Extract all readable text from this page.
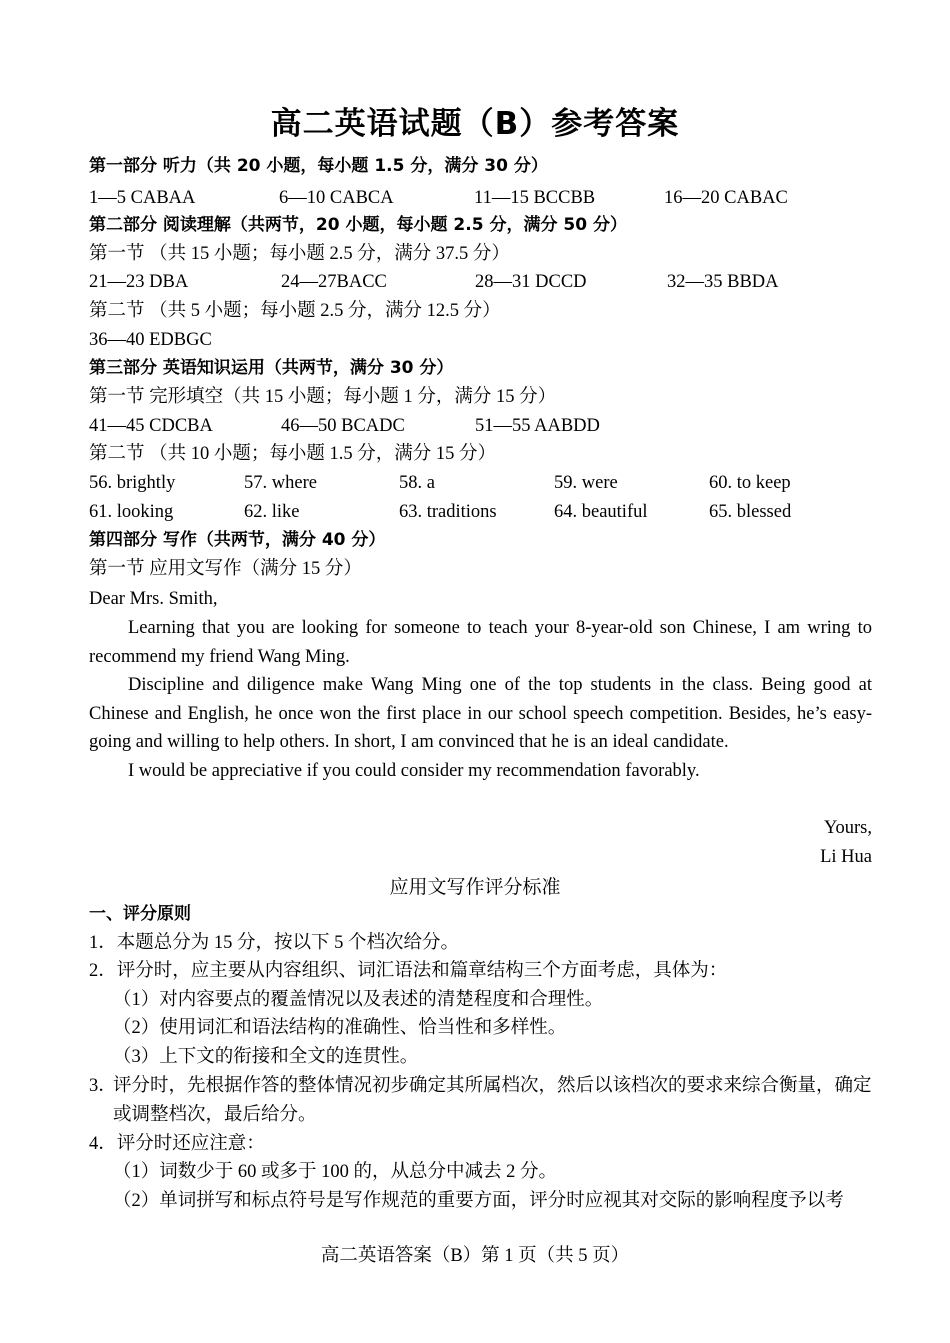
高二英语试题（B）参考答案
第一部分 听力（共 20 小题，每小题 1.5 分，满分 30 分）
1—5 CABAA	6—10 CABCA	11—15 BCCBB	16—20 CABAC
第二部分 阅读理解（共两节，20 小题，每小题 2.5 分，满分 50 分）
第一节 （共 15 小题；每小题 2.5 分，满分 37.5 分）
21—23 DBA	24—27BACC	28—31 DCCD	32—35 BBDA
第二节 （共 5 小题；每小题 2.5 分，满分 12.5 分）
36—40 EDBGC
第三部分 英语知识运用（共两节，满分 30 分）
第一节 完形填空（共 15 小题；每小题 1 分，满分 15 分）
41—45 CDCBA	46—50 BCADC	51—55 AABDD
第二节 （共 10 小题；每小题 1.5 分，满分 15 分）
56. brightly	57. where	58. a	59. were	60. to keep
61. looking	62. like	63. traditions	64. beautiful	65. blessed
第四部分 写作（共两节，满分 40 分）
第一节 应用文写作（满分 15 分）
Dear Mrs. Smith,
Learning that you are looking for someone to teach your 8-year-old son Chinese, I am wring to recommend my friend Wang Ming.
Discipline and diligence make Wang Ming one of the top students in the class. Being good at Chinese and English, he once won the first place in our school speech competition. Besides, he’s easy-going and willing to help others. In short, I am convinced that he is an ideal candidate.
I would be appreciative if you could consider my recommendation favorably.
Yours,
Li Hua
应用文写作评分标准
一、评分原则
1．本题总分为 15 分，按以下 5 个档次给分。
2．评分时，应主要从内容组织、词汇语法和篇章结构三个方面考虑，具体为：
（1）对内容要点的覆盖情况以及表述的清楚程度和合理性。
（2）使用词汇和语法结构的准确性、恰当性和多样性。
（3）上下文的衔接和全文的连贯性。
3．
评分时，先根据作答的整体情况初步确定其所属档次，然后以该档次的要求来综合衡量，确定或调整档次，最后给分。
4．评分时还应注意：
（1）词数少于 60 或多于 100 的，从总分中减去 2 分。
（2）单词拼写和标点符号是写作规范的重要方面，评分时应视其对交际的影响程度予以考
高二英语答案（B）第 1 页（共 5 页）
